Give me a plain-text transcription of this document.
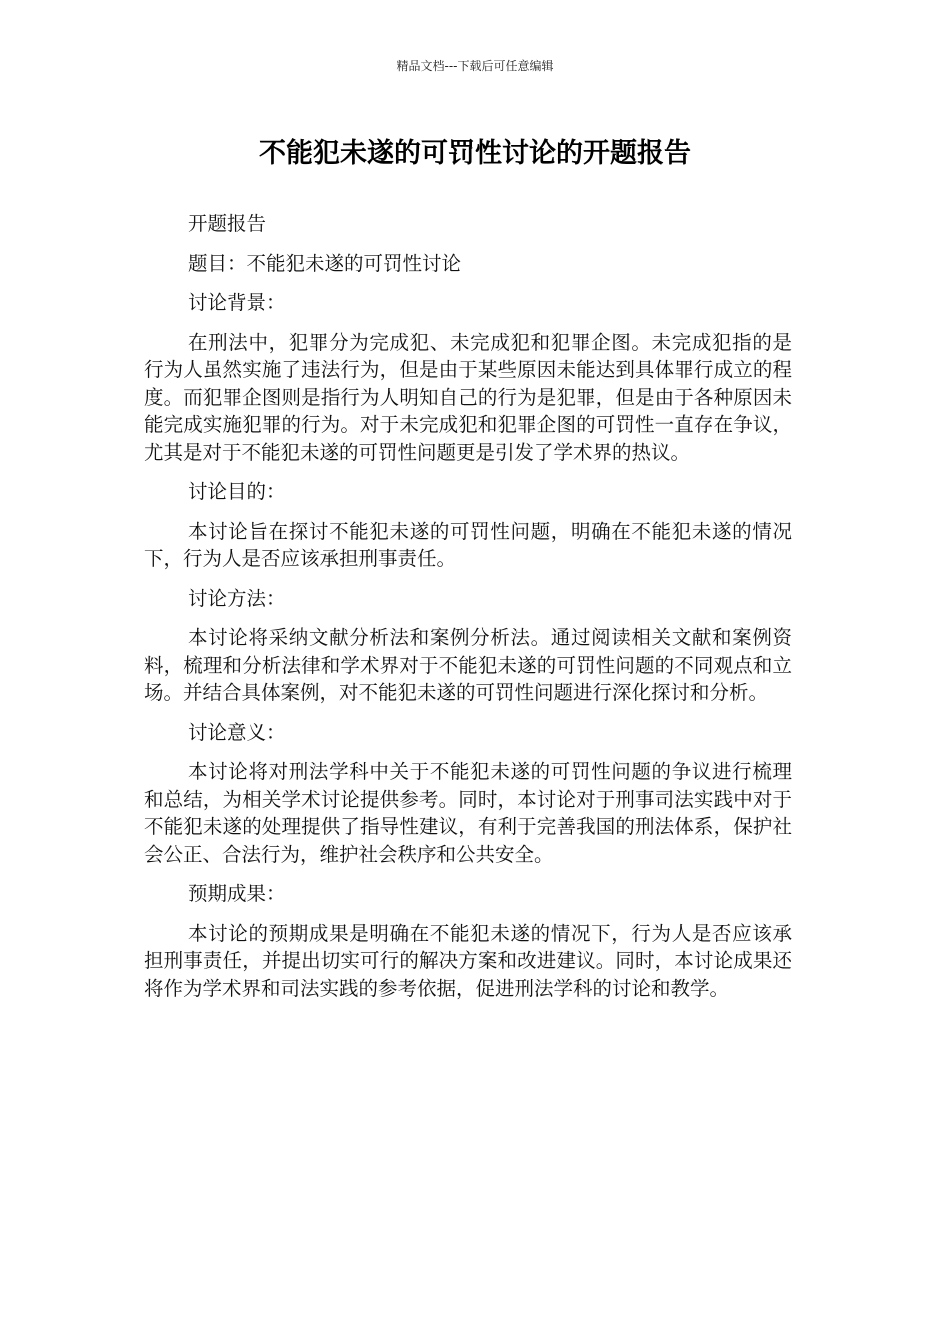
精品文档---下载后可任意编辑
不能犯未遂的可罚性讨论的开题报告

开题报告

题目：不能犯未遂的可罚性讨论

讨论背景：

在刑法中，犯罪分为完成犯、未完成犯和犯罪企图。未完成犯指的是行为人虽然实施了违法行为，但是由于某些原因未能达到具体罪行成立的程度。而犯罪企图则是指行为人明知自己的行为是犯罪，但是由于各种原因未能完成实施犯罪的行为。对于未完成犯和犯罪企图的可罚性一直存在争议，尤其是对于不能犯未遂的可罚性问题更是引发了学术界的热议。

讨论目的：

本讨论旨在探讨不能犯未遂的可罚性问题，明确在不能犯未遂的情况下，行为人是否应该承担刑事责任。

讨论方法：

本讨论将采纳文献分析法和案例分析法。通过阅读相关文献和案例资料，梳理和分析法律和学术界对于不能犯未遂的可罚性问题的不同观点和立场。并结合具体案例，对不能犯未遂的可罚性问题进行深化探讨和分析。

讨论意义：

本讨论将对刑法学科中关于不能犯未遂的可罚性问题的争议进行梳理和总结，为相关学术讨论提供参考。同时，本讨论对于刑事司法实践中对于不能犯未遂的处理提供了指导性建议，有利于完善我国的刑法体系，保护社会公正、合法行为，维护社会秩序和公共安全。

预期成果：

本讨论的预期成果是明确在不能犯未遂的情况下，行为人是否应该承担刑事责任，并提出切实可行的解决方案和改进建议。同时，本讨论成果还将作为学术界和司法实践的参考依据，促进刑法学科的讨论和教学。
